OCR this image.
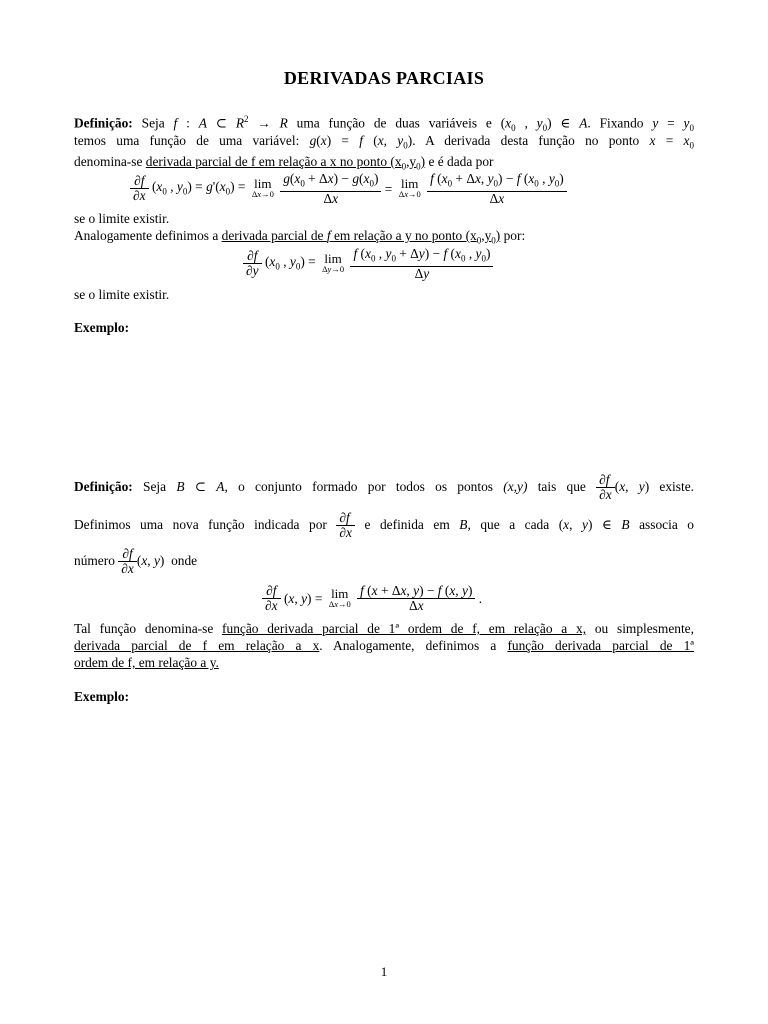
DERIVADAS PARCIAIS
Definição: Seja f : A ⊂ $R^2 \to R$ uma função de duas variáveis e ($x_0$ , $y_0$) ∈ A. Fixando $y = y_0$
temos uma função de uma variável: g(x) = f (x, $y_0$). A derivada desta função no ponto $x = x_0$
denomina-se derivada parcial de f em relação a x no ponto $(x_0,y_0)$ e é dada por
$\frac{\partial f}{\partial x} (x_0$ , $y_0) = g'(x_0) = \lim$
Δx→0
$\frac{g(x_0 + \Delta x) - g(x_0)}{\Delta x} = \lim$
Δx→0
$\frac{f (x_0 + \Delta x, y_0) - f (x_0 , y_0)}{\Delta x}$
se o limite existir.
Analogamente definimos a derivada parcial de f em relação a y no ponto $(x_0,y_0)$ por:
$\frac{\partial f}{\partial y} (x_0$ , $y_0) = \lim$
Δy→0
$\frac{f (x_0 , y_0 + \Delta y) - f (x_0 , y_0)}{\Delta y}$
se o limite existir.
Exemplo:
Definição: Seja B ⊂ A, o conjunto formado por todos os pontos (x,y) tais que $\frac{\partial f}{\partial x} (x$, y) existe.
Definimos uma nova função indicada por $\frac{\partial f}{\partial x}$ e definida em B, que a cada (x, y) ∈ B associa o
número $\frac{\partial f}{\partial x} (x$, y)  onde
$\frac{\partial f}{\partial x} (x$, y) = lim
Δx→0
$\frac{f (x + \Delta x, y) - f (x, y)}{\Delta x}$ .
Tal função denomina-se função derivada parcial de 1ª ordem de f, em relação a x, ou simplesmente,
derivada parcial de f em relação a x. Analogamente, definimos a função derivada parcial de 1ª
ordem de f, em relação a y.
Exemplo:
1
